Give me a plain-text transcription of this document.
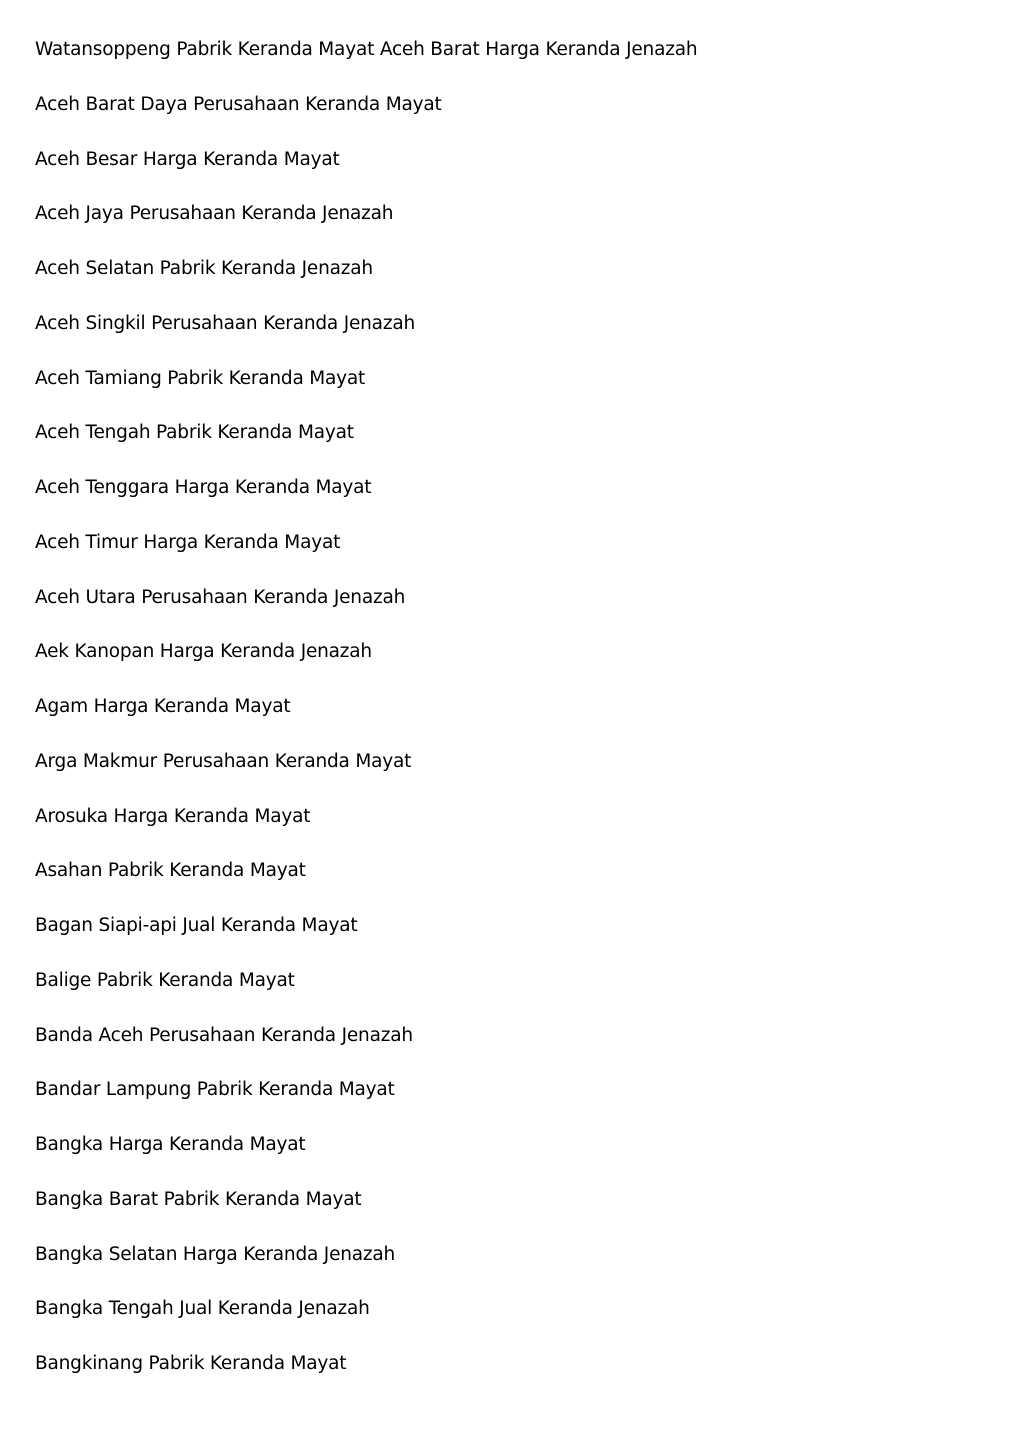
Watansoppeng Pabrik Keranda Mayat Aceh Barat Harga Keranda Jenazah
Aceh Barat Daya Perusahaan Keranda Mayat
Aceh Besar Harga Keranda Mayat
Aceh Jaya Perusahaan Keranda Jenazah
Aceh Selatan Pabrik Keranda Jenazah
Aceh Singkil Perusahaan Keranda Jenazah
Aceh Tamiang Pabrik Keranda Mayat
Aceh Tengah Pabrik Keranda Mayat
Aceh Tenggara Harga Keranda Mayat
Aceh Timur Harga Keranda Mayat
Aceh Utara Perusahaan Keranda Jenazah
Aek Kanopan Harga Keranda Jenazah
Agam Harga Keranda Mayat
Arga Makmur Perusahaan Keranda Mayat
Arosuka Harga Keranda Mayat
Asahan Pabrik Keranda Mayat
Bagan Siapi-api Jual Keranda Mayat
Balige Pabrik Keranda Mayat
Banda Aceh Perusahaan Keranda Jenazah
Bandar Lampung Pabrik Keranda Mayat
Bangka Harga Keranda Mayat
Bangka Barat Pabrik Keranda Mayat
Bangka Selatan Harga Keranda Jenazah
Bangka Tengah Jual Keranda Jenazah
Bangkinang Pabrik Keranda Mayat
